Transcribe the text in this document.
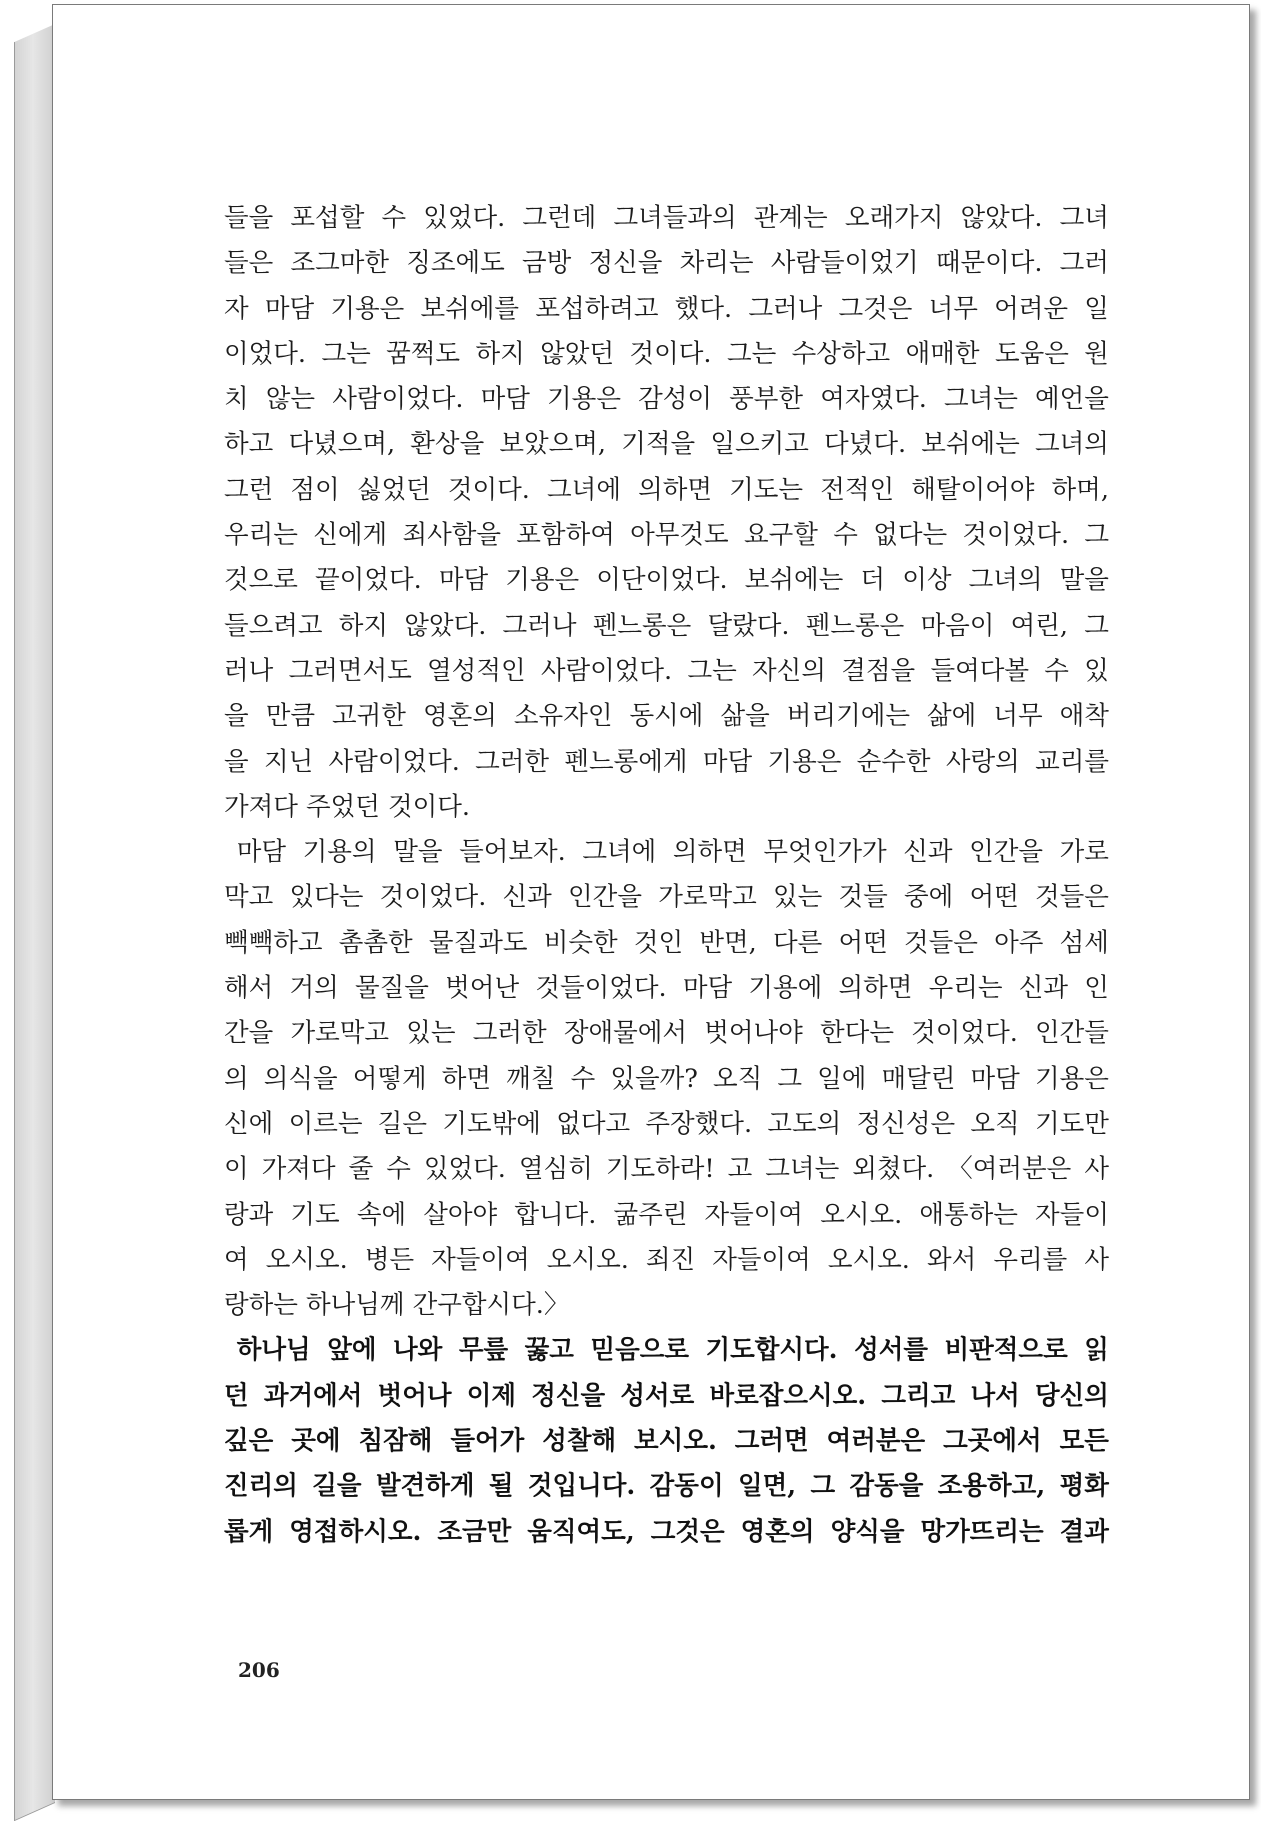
들을 포섭할 수 있었다. 그런데 그녀들과의 관계는 오래가지 않았다. 그녀
들은 조그마한 징조에도 금방 정신을 차리는 사람들이었기 때문이다. 그러
자 마담 기용은 보쉬에를 포섭하려고 했다. 그러나 그것은 너무 어려운 일
이었다. 그는 꿈쩍도 하지 않았던 것이다. 그는 수상하고 애매한 도움은 원
치 않는 사람이었다. 마담 기용은 감성이 풍부한 여자였다. 그녀는 예언을
하고 다녔으며, 환상을 보았으며, 기적을 일으키고 다녔다. 보쉬에는 그녀의
그런 점이 싫었던 것이다. 그녀에 의하면 기도는 전적인 해탈이어야 하며,
우리는 신에게 죄사함을 포함하여 아무것도 요구할 수 없다는 것이었다. 그
것으로 끝이었다. 마담 기용은 이단이었다. 보쉬에는 더 이상 그녀의 말을
들으려고 하지 않았다. 그러나 펜느롱은 달랐다. 펜느롱은 마음이 여린, 그
러나 그러면서도 열성적인 사람이었다. 그는 자신의 결점을 들여다볼 수 있
을 만큼 고귀한 영혼의 소유자인 동시에 삶을 버리기에는 삶에 너무 애착
을 지닌 사람이었다. 그러한 펜느롱에게 마담 기용은 순수한 사랑의 교리를
가져다 주었던 것이다.
 마담 기용의 말을 들어보자. 그녀에 의하면 무엇인가가 신과 인간을 가로
막고 있다는 것이었다. 신과 인간을 가로막고 있는 것들 중에 어떤 것들은
빽빽하고 촘촘한 물질과도 비슷한 것인 반면, 다른 어떤 것들은 아주 섬세
해서 거의 물질을 벗어난 것들이었다. 마담 기용에 의하면 우리는 신과 인
간을 가로막고 있는 그러한 장애물에서 벗어나야 한다는 것이었다. 인간들
의 의식을 어떻게 하면 깨칠 수 있을까? 오직 그 일에 매달린 마담 기용은
신에 이르는 길은 기도밖에 없다고 주장했다. 고도의 정신성은 오직 기도만
이 가져다 줄 수 있었다. 열심히 기도하라! 고 그녀는 외쳤다. 〈여러분은 사
랑과 기도 속에 살아야 합니다. 굶주린 자들이여 오시오. 애통하는 자들이
여 오시오. 병든 자들이여 오시오. 죄진 자들이여 오시오. 와서 우리를 사
랑하는 하나님께 간구합시다.〉
 하나님 앞에 나와 무릎 꿇고 믿음으로 기도합시다. 성서를 비판적으로 읽
던 과거에서 벗어나 이제 정신을 성서로 바로잡으시오. 그리고 나서 당신의
깊은 곳에 침잠해 들어가 성찰해 보시오. 그러면 여러분은 그곳에서 모든
진리의 길을 발견하게 될 것입니다. 감동이 일면, 그 감동을 조용하고, 평화
롭게 영접하시오. 조금만 움직여도, 그것은 영혼의 양식을 망가뜨리는 결과
206
